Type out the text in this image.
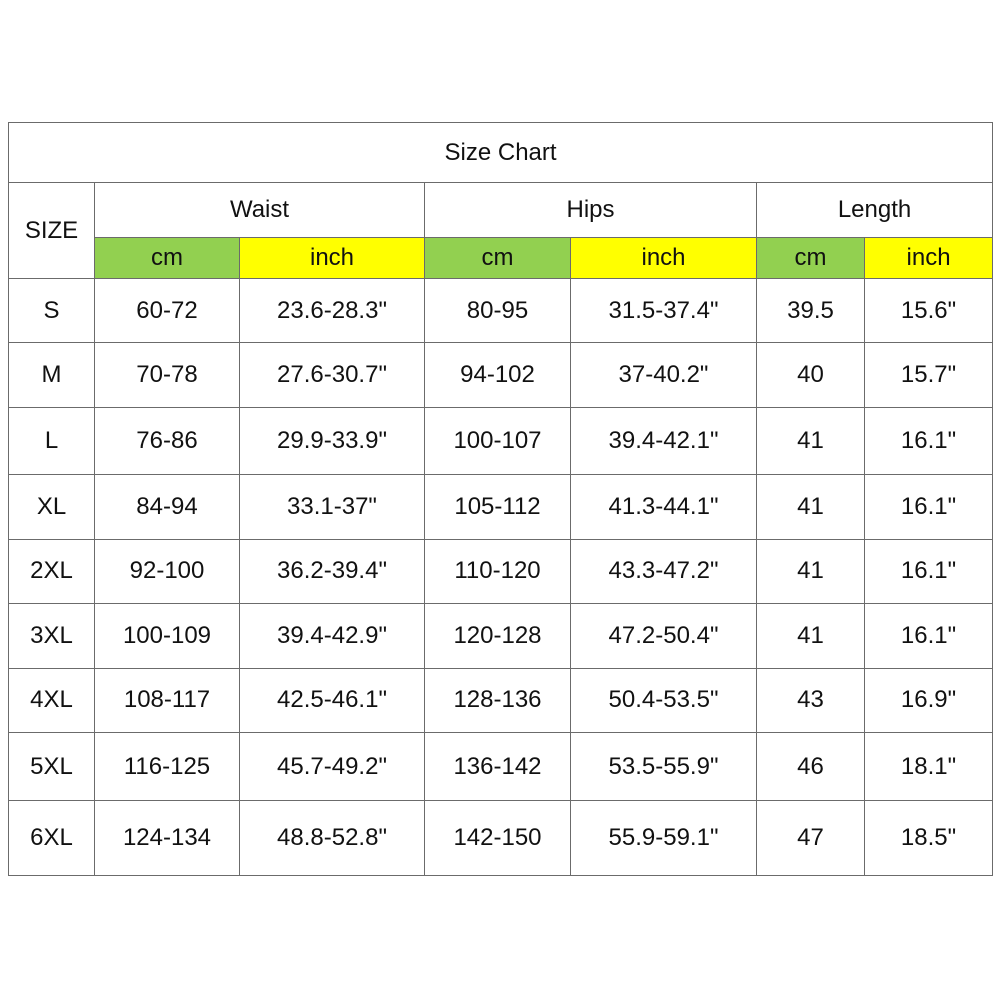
Size Chart						
SIZE	Waist		Hips		Length	
	cm	inch	cm	inch	cm	inch
S	60-72	23.6-28.3"	80-95	31.5-37.4"	39.5	15.6"
M	70-78	27.6-30.7"	94-102	37-40.2"	40	15.7"
L	76-86	29.9-33.9"	100-107	39.4-42.1"	41	16.1"
XL	84-94	33.1-37"	105-112	41.3-44.1"	41	16.1"
2XL	92-100	36.2-39.4"	110-120	43.3-47.2"	41	16.1"
3XL	100-109	39.4-42.9"	120-128	47.2-50.4"	41	16.1"
4XL	108-117	42.5-46.1"	128-136	50.4-53.5"	43	16.9"
5XL	116-125	45.7-49.2"	136-142	53.5-55.9"	46	18.1"
6XL	124-134	48.8-52.8"	142-150	55.9-59.1"	47	18.5"
